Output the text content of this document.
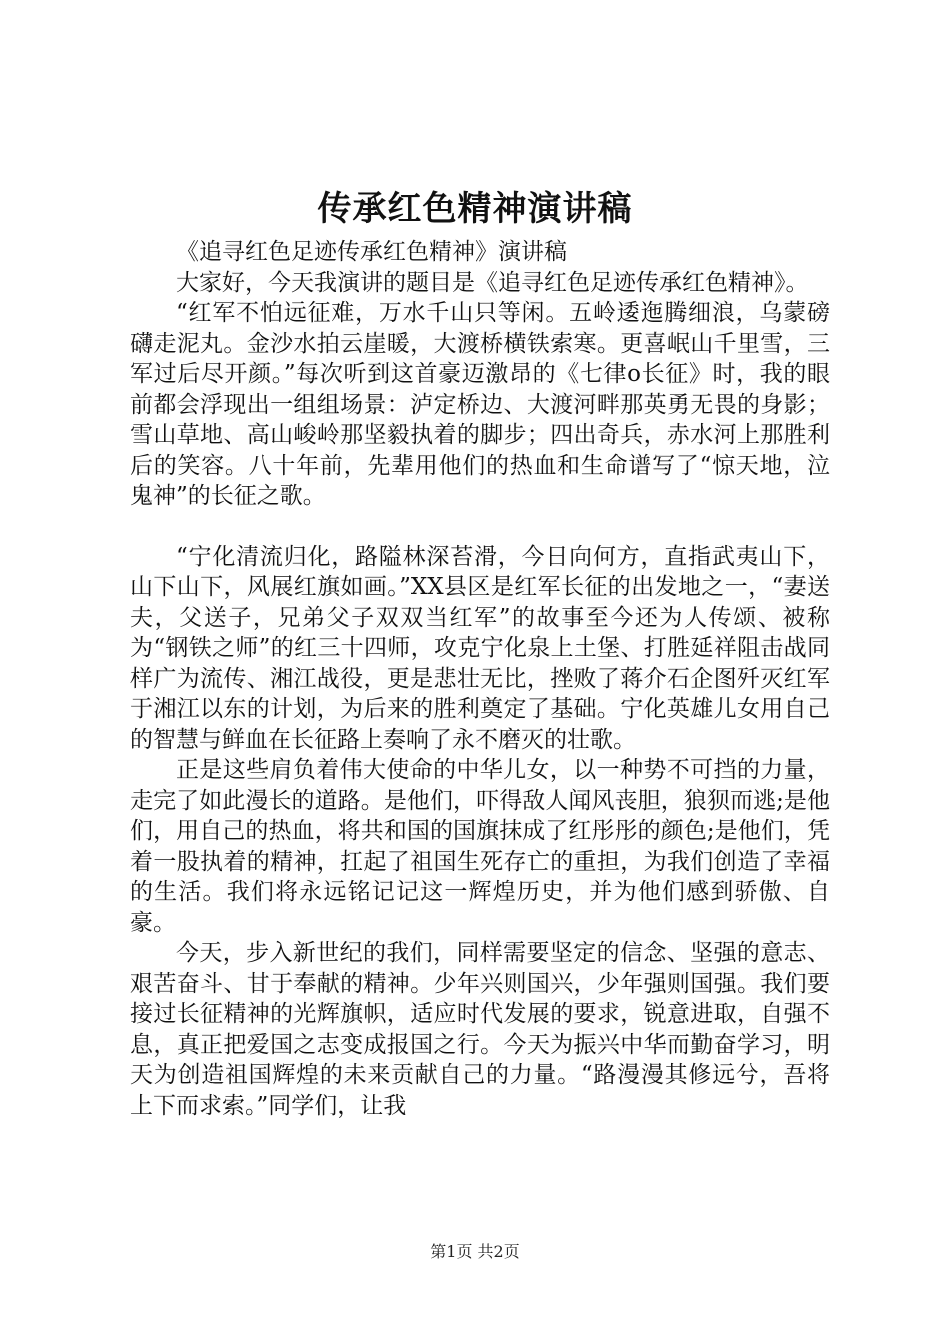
传承红色精神演讲稿

《追寻红色足迹传承红色精神》演讲稿

大家好，今天我演讲的题目是《追寻红色足迹传承红色精神》。

“红军不怕远征难，万水千山只等闲。五岭逶迤腾细浪，乌蒙磅礴走泥丸。金沙水拍云崖暖，大渡桥横铁索寒。更喜岷山千里雪，三军过后尽开颜。”每次听到这首豪迈激昂的《七律o长征》时，我的眼前都会浮现出一组组场景：泸定桥边、大渡河畔那英勇无畏的身影；雪山草地、高山峻岭那坚毅执着的脚步；四出奇兵，赤水河上那胜利后的笑容。八十年前，先辈用他们的热血和生命谱写了“惊天地，泣鬼神”的长征之歌。

“宁化清流归化，路隘林深苔滑，今日向何方，直指武夷山下，山下山下，风展红旗如画。”XX县区是红军长征的出发地之一，“妻送夫，父送子，兄弟父子双双当红军”的故事至今还为人传颂、被称为“钢铁之师”的红三十四师，攻克宁化泉上土堡、打胜延祥阻击战同样广为流传、湘江战役，更是悲壮无比，挫败了蒋介石企图歼灭红军于湘江以东的计划，为后来的胜利奠定了基础。宁化英雄儿女用自己的智慧与鲜血在长征路上奏响了永不磨灭的壮歌。

正是这些肩负着伟大使命的中华儿女，以一种势不可挡的力量，走完了如此漫长的道路。是他们，吓得敌人闻风丧胆，狼狈而逃;是他们，用自己的热血，将共和国的国旗抹成了红彤彤的颜色;是他们，凭着一股执着的精神，扛起了祖国生死存亡的重担，为我们创造了幸福的生活。我们将永远铭记记这一辉煌历史，并为他们感到骄傲、自豪。

今天，步入新世纪的我们，同样需要坚定的信念、坚强的意志、艰苦奋斗、甘于奉献的精神。少年兴则国兴，少年强则国强。我们要接过长征精神的光辉旗帜，适应时代发展的要求，锐意进取，自强不息，真正把爱国之志变成报国之行。今天为振兴中华而勤奋学习，明天为创造祖国辉煌的未来贡献自己的力量。“路漫漫其修远兮，吾将上下而求索。”同学们，让我

第1页 共2页
